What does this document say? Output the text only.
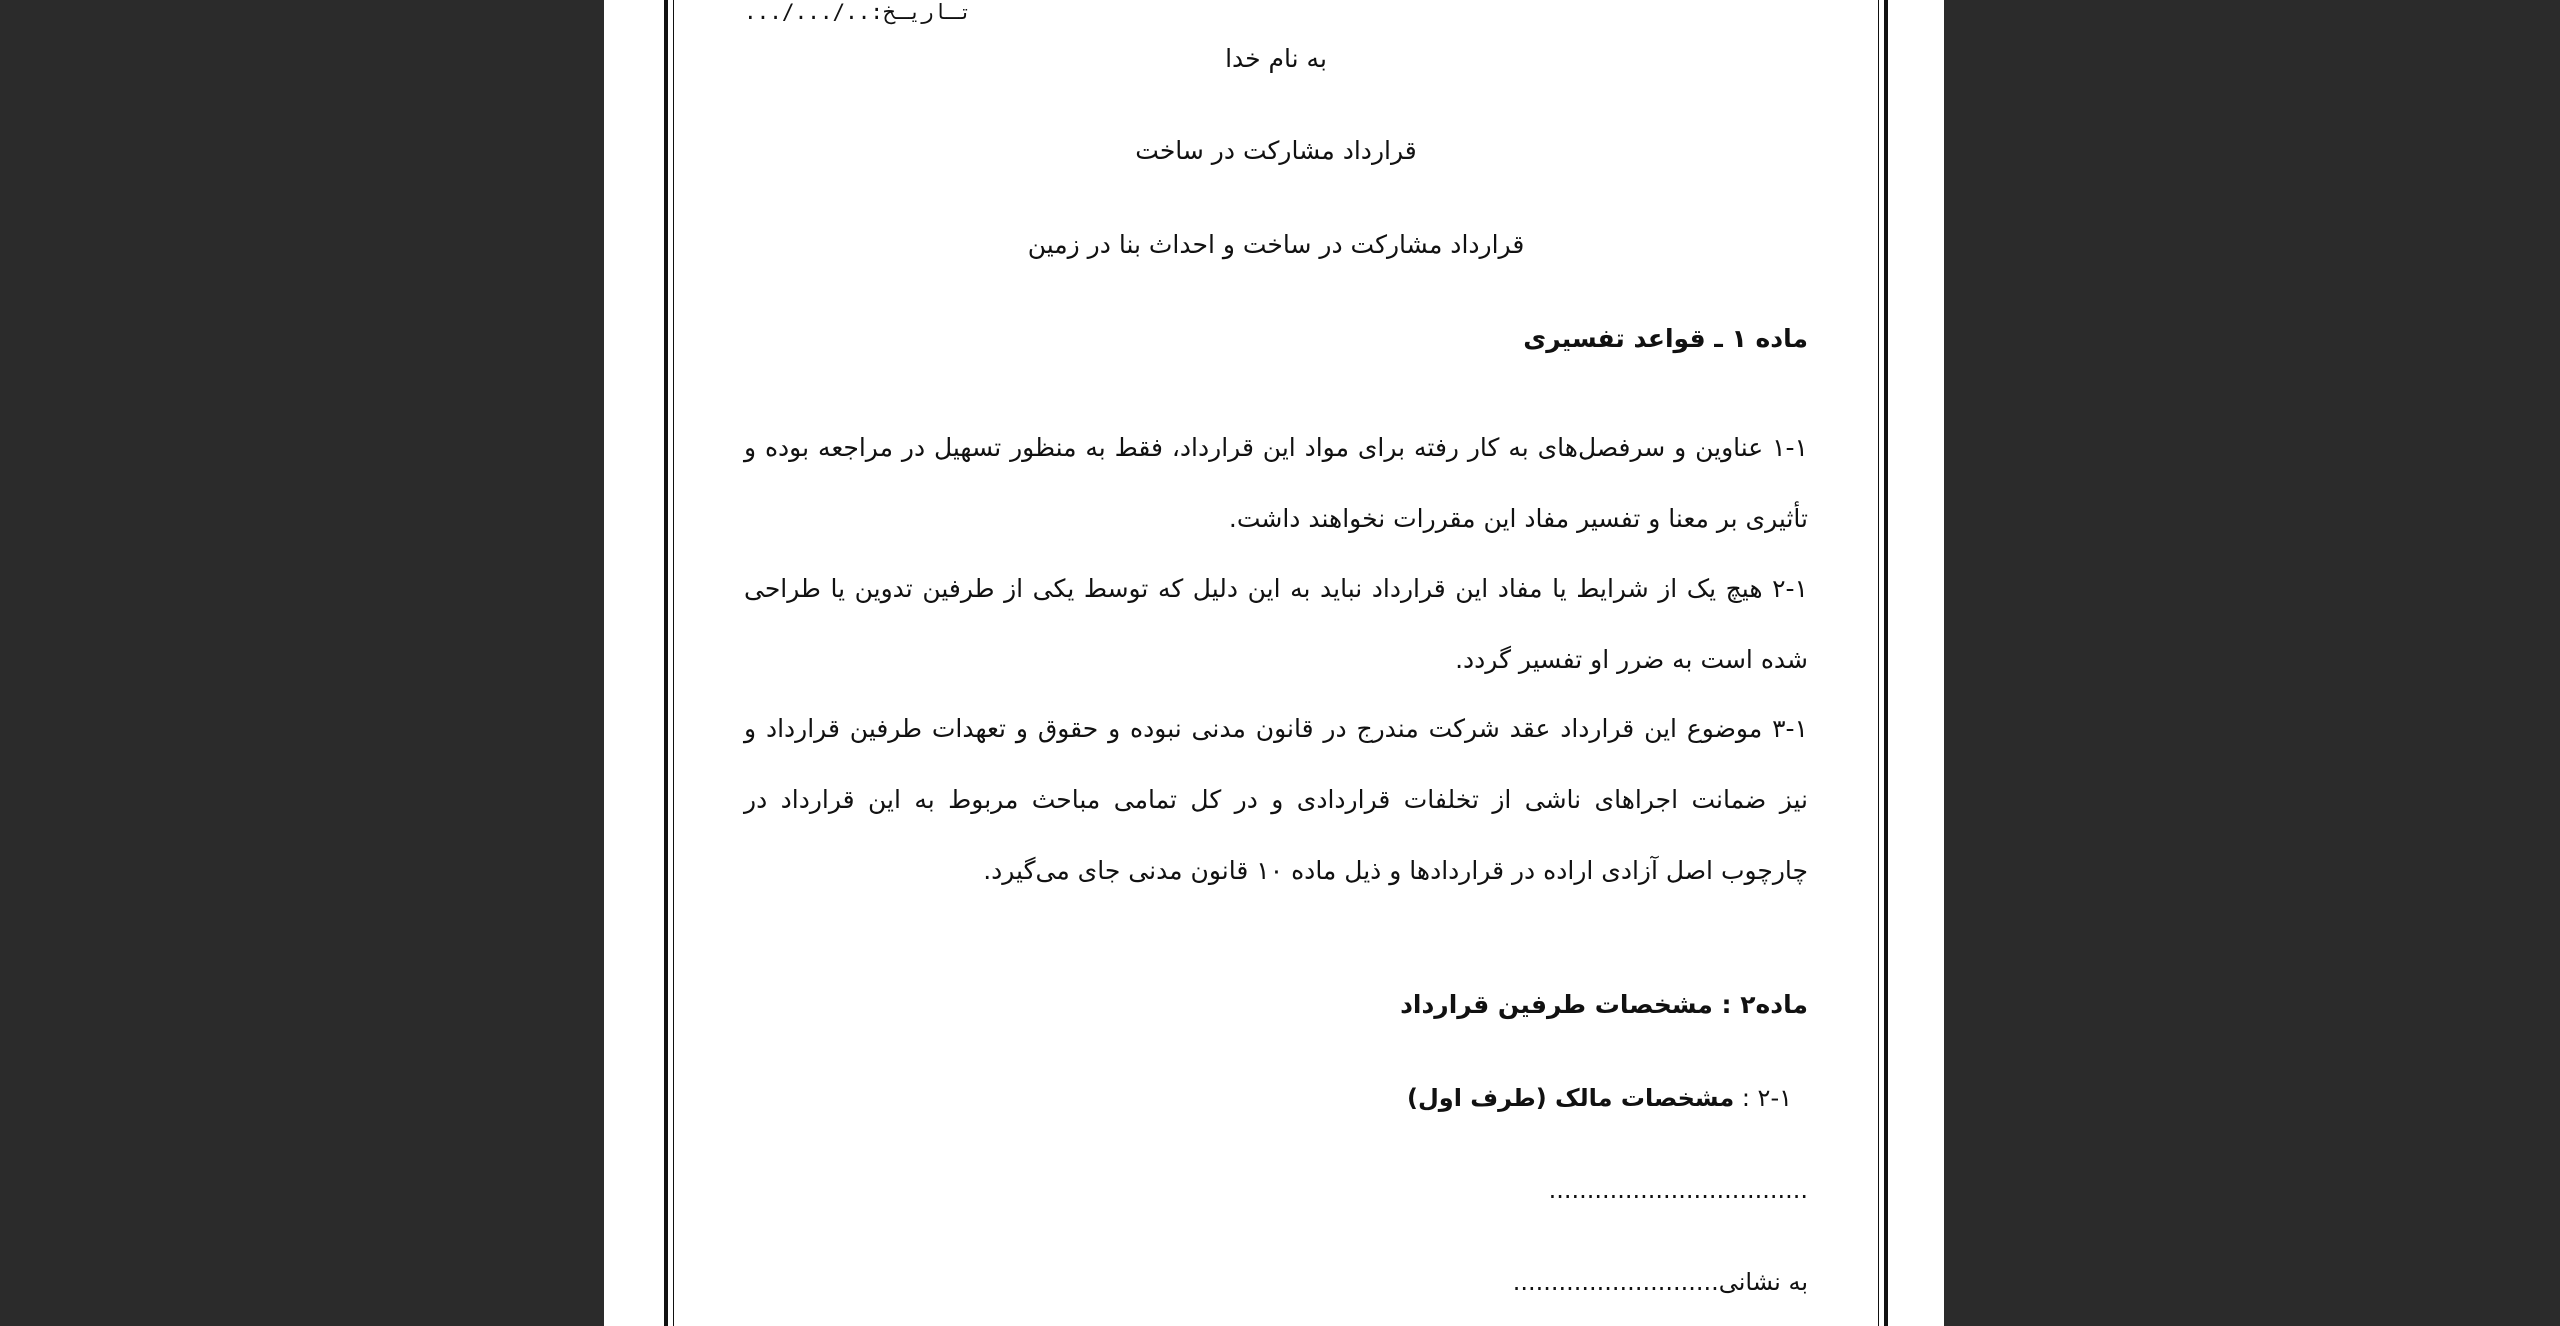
تـاریـخ:../.../...
به نام خدا
قرارداد مشارکت در ساخت
قرارداد مشارکت در ساخت و احداث بنا در زمین
ماده ۱ ـ قواعد تفسیری
۱-۱ عناوین و سرفصل‌های به کار رفته برای مواد این قرارداد، فقط به منظور تسهیل در مراجعه بوده و تأثیری بر معنا و تفسیر مفاد این مقررات نخواهند داشت.
۲-۱ هیچ یک از شرایط یا مفاد این قرارداد نباید به این دلیل که توسط یکی از طرفین تدوین یا طراحی شده است به ضرر او تفسیر گردد.
۳-۱ موضوع این قرارداد عقد شرکت مندرج در قانون مدنی نبوده و حقوق و تعهدات طرفین قرارداد و نیز ضمانت اجراهای ناشی از تخلفات قراردادی و در کل تمامی مباحث مربوط به این قرارداد در چارچوب اصل آزادی اراده در قراردادها و ذیل ماده ۱۰ قانون مدنی جای می‌گیرد.
ماده۲ : مشخصات طرفین قرارداد
۲-۱ : مشخصات مالک (طرف اول)
..................................
به نشانی...........................
